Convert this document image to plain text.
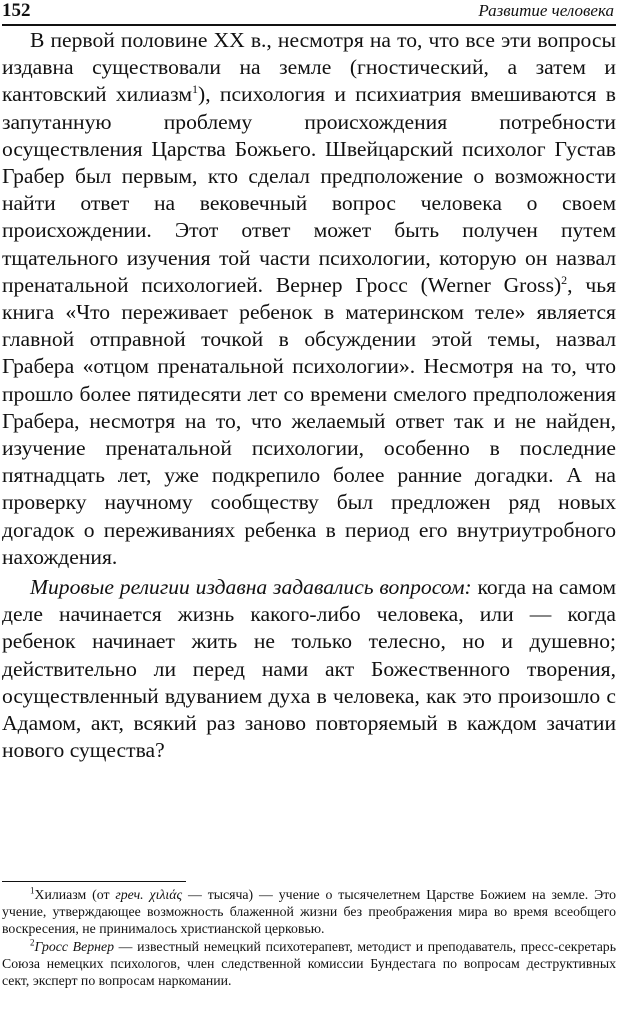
152	Развитие человека

В первой половине XX в., несмотря на то, что все эти вопросы издавна существовали на земле (гностический, а затем и кантовский хилиазм$^1$), психология и психиатрия вмешиваются в запутанную проблему происхождения потребности осуществления Царства Божьего. Швейцарский психолог Густав Грабер был первым, кто сделал предположение о возможности найти ответ на вековечный вопрос человека о своем происхождении. Этот ответ может быть получен путем тщательного изучения той части психологии, которую он назвал пренатальной психологией. Вернер Гросс (Werner Gross)$^2$, чья книга «Что переживает ребенок в материнском теле» является главной отправной точкой в обсуждении этой темы, назвал Грабера «отцом пренатальной психологии». Несмотря на то, что прошло более пятидесяти лет со времени смелого предположения Грабера, несмотря на то, что желаемый ответ так и не найден, изучение пренатальной психологии, особенно в последние пятнадцать лет, уже подкрепило более ранние догадки. А на проверку научному сообществу был предложен ряд новых догадок о переживаниях ребенка в период его внутриутробного нахождения.

Мировые религии издавна задавались вопросом: когда на самом деле начинается жизнь какого-либо человека, или — когда ребенок начинает жить не только телесно, но и душевно; действительно ли перед нами акт Божественного творения, осуществленный вдуванием духа в человека, как это произошло с Адамом, акт, всякий раз заново повторяемый в каждом зачатии нового существа?

$^1$Хилиазм (от греч. χιλιάς — тысяча) — учение о тысячелетнем Царстве Божием на земле. Это учение, утверждающее возможность блаженной жизни без преображения мира во время всеобщего воскресения, не принималось христианской церковью.

$^2$Гросс Вернер — известный немецкий психотерапевт, методист и преподаватель, пресс-секретарь Союза немецких психологов, член следственной комиссии Бундестага по вопросам деструктивных сект, эксперт по вопросам наркомании.
